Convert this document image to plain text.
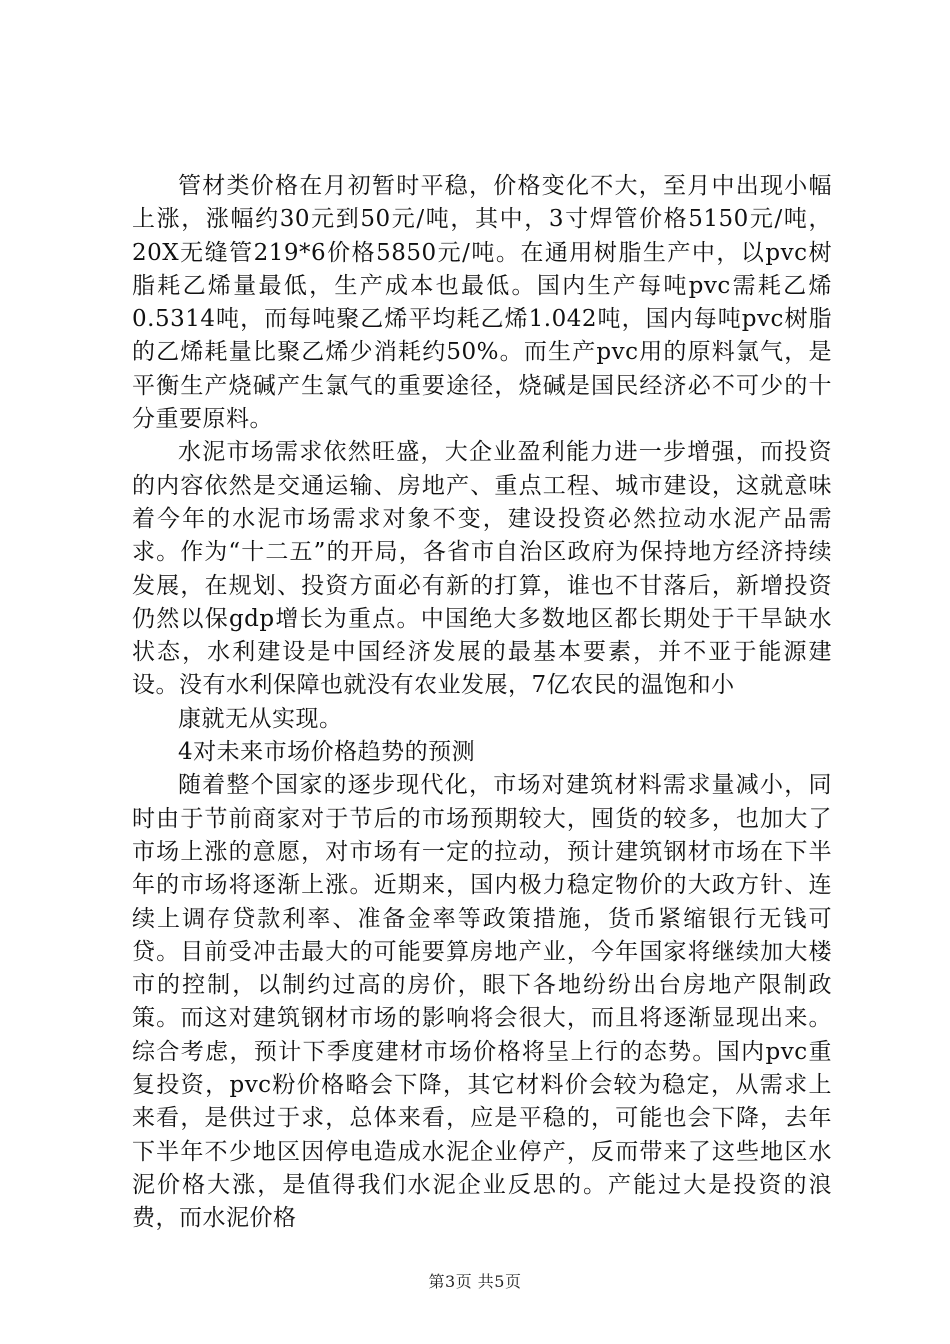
管材类价格在月初暂时平稳，价格变化不大，至月中出现小幅上涨，涨幅约30元到50元/吨，其中，3寸焊管价格5150元/吨，20X无缝管219*6价格5850元/吨。在通用树脂生产中，以pvc树脂耗乙烯量最低，生产成本也最低。国内生产每吨pvc需耗乙烯0.5314吨，而每吨聚乙烯平均耗乙烯1.042吨，国内每吨pvc树脂的乙烯耗量比聚乙烯少消耗约50%。而生产pvc用的原料氯气，是平衡生产烧碱产生氯气的重要途径，烧碱是国民经济必不可少的十分重要原料。

水泥市场需求依然旺盛，大企业盈利能力进一步增强，而投资的内容依然是交通运输、房地产、重点工程、城市建设，这就意味着今年的水泥市场需求对象不变，建设投资必然拉动水泥产品需求。作为“十二五”的开局，各省市自治区政府为保持地方经济持续发展，在规划、投资方面必有新的打算，谁也不甘落后，新增投资仍然以保gdp增长为重点。中国绝大多数地区都长期处于干旱缺水状态，水利建设是中国经济发展的最基本要素，并不亚于能源建设。没有水利保障也就没有农业发展，7亿农民的温饱和小

康就无从实现。

4对未来市场价格趋势的预测

随着整个国家的逐步现代化，市场对建筑材料需求量减小，同时由于节前商家对于节后的市场预期较大，囤货的较多，也加大了市场上涨的意愿，对市场有一定的拉动，预计建筑钢材市场在下半年的市场将逐渐上涨。近期来，国内极力稳定物价的大政方针、连续上调存贷款利率、准备金率等政策措施，货币紧缩银行无钱可贷。目前受冲击最大的可能要算房地产业，今年国家将继续加大楼市的控制，以制约过高的房价，眼下各地纷纷出台房地产限制政策。而这对建筑钢材市场的影响将会很大，而且将逐渐显现出来。综合考虑，预计下季度建材市场价格将呈上行的态势。国内pvc重复投资，pvc粉价格略会下降，其它材料价会较为稳定，从需求上来看，是供过于求，总体来看，应是平稳的，可能也会下降，去年下半年不少地区因停电造成水泥企业停产，反而带来了这些地区水泥价格大涨，是值得我们水泥企业反思的。产能过大是投资的浪费，而水泥价格

第3页 共5页
